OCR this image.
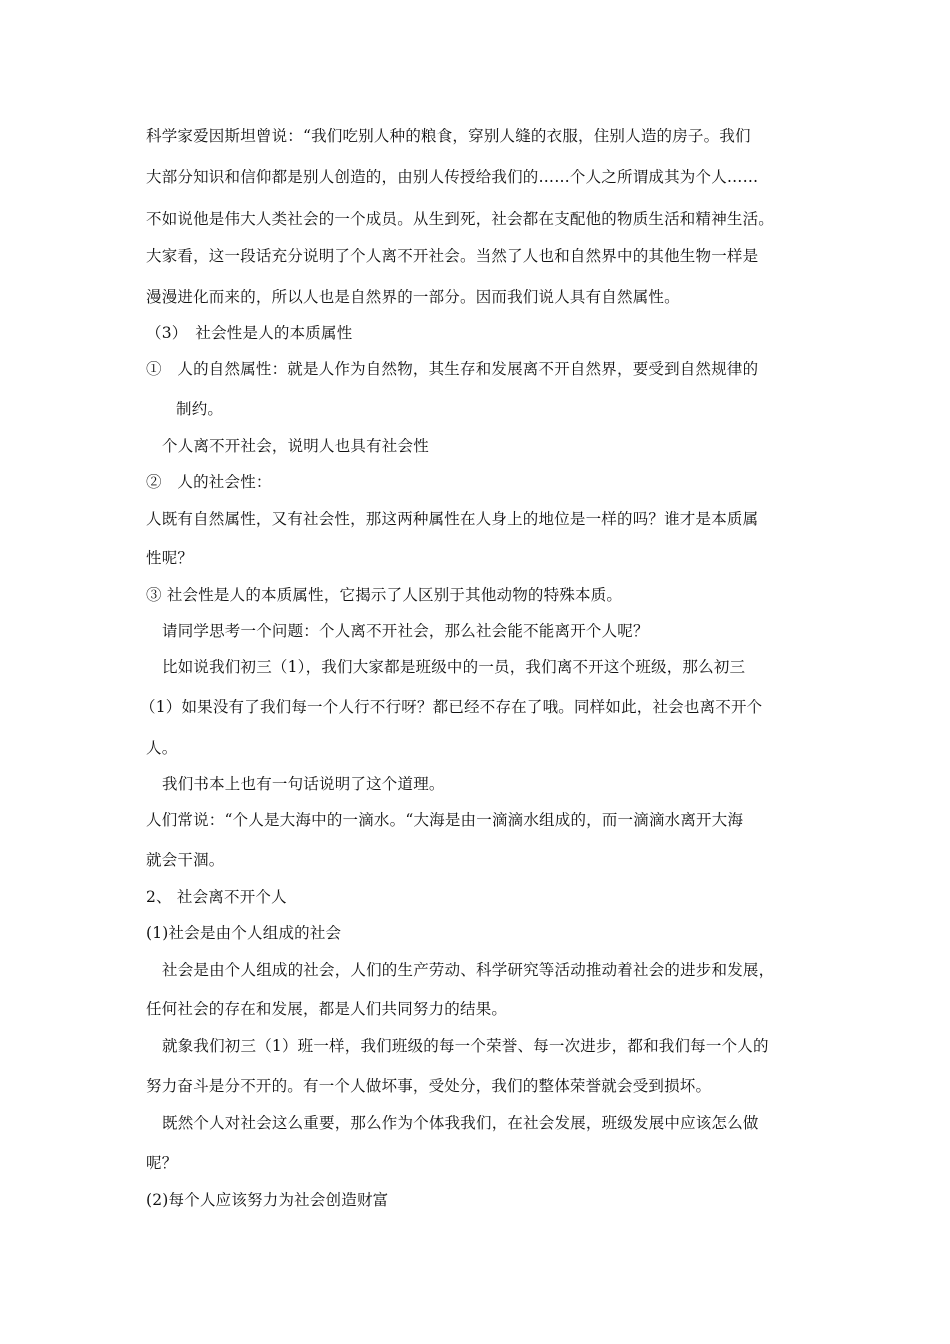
科学家爱因斯坦曾说：“我们吃别人种的粮食，穿别人缝的衣服，住别人造的房子。我们
大部分知识和信仰都是别人创造的，由别人传授给我们的……个人之所谓成其为个人……
不如说他是伟大人类社会的一个成员。从生到死，社会都在支配他的物质生活和精神生活。
大家看，这一段话充分说明了个人离不开社会。当然了人也和自然界中的其他生物一样是
漫漫进化而来的，所以人也是自然界的一部分。因而我们说人具有自然属性。
（3）　社会性是人的本质属性
①　人的自然属性：就是人作为自然物，其生存和发展离不开自然界，要受到自然规律的
制约。
个人离不开社会，说明人也具有社会性
②　人的社会性：
人既有自然属性，又有社会性，那这两种属性在人身上的地位是一样的吗？谁才是本质属
性呢？
③ 社会性是人的本质属性，它揭示了人区别于其他动物的特殊本质。
请同学思考一个问题：个人离不开社会，那么社会能不能离开个人呢？
比如说我们初三（1），我们大家都是班级中的一员，我们离不开这个班级，那么初三
（1）如果没有了我们每一个人行不行呀？都已经不存在了哦。同样如此，社会也离不开个
人。
我们书本上也有一句话说明了这个道理。
人们常说：“个人是大海中的一滴水。“大海是由一滴滴水组成的，而一滴滴水离开大海
就会干涸。
2、 社会离不开个人
(1)社会是由个人组成的社会
社会是由个人组成的社会，人们的生产劳动、科学研究等活动推动着社会的进步和发展，
任何社会的存在和发展，都是人们共同努力的结果。
就象我们初三（1）班一样，我们班级的每一个荣誉、每一次进步，都和我们每一个人的
努力奋斗是分不开的。有一个人做坏事，受处分，我们的整体荣誉就会受到损坏。
既然个人对社会这么重要，那么作为个体我我们，在社会发展，班级发展中应该怎么做
呢？
(2)每个人应该努力为社会创造财富
